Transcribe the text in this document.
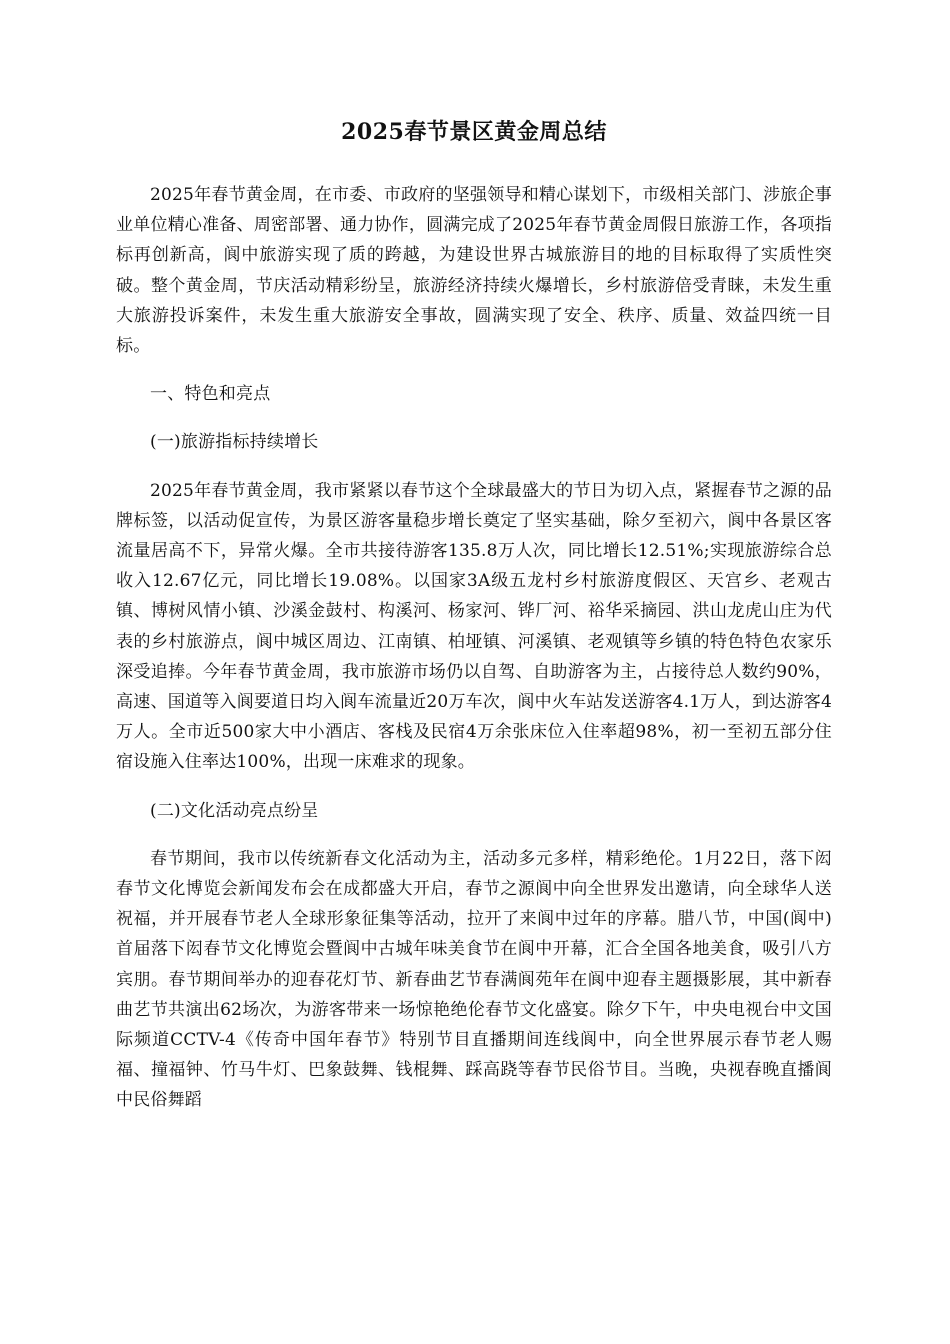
2025春节景区黄金周总结

2025年春节黄金周，在市委、市政府的坚强领导和精心谋划下，市级相关部门、涉旅企事业单位精心准备、周密部署、通力协作，圆满完成了2025年春节黄金周假日旅游工作，各项指标再创新高，阆中旅游实现了质的跨越，为建设世界古城旅游目的地的目标取得了实质性突破。整个黄金周，节庆活动精彩纷呈，旅游经济持续火爆增长，乡村旅游倍受青睐，未发生重大旅游投诉案件，未发生重大旅游安全事故，圆满实现了安全、秩序、质量、效益四统一目标。

一、特色和亮点

(一)旅游指标持续增长

2025年春节黄金周，我市紧紧以春节这个全球最盛大的节日为切入点，紧握春节之源的品牌标签，以活动促宣传，为景区游客量稳步增长奠定了坚实基础，除夕至初六，阆中各景区客流量居高不下，异常火爆。全市共接待游客135.8万人次，同比增长12.51%;实现旅游综合总收入12.67亿元，同比增长19.08%。以国家3A级五龙村乡村旅游度假区、天宫乡、老观古镇、博树风情小镇、沙溪金鼓村、构溪河、杨家河、铧厂河、裕华采摘园、洪山龙虎山庄为代表的乡村旅游点，阆中城区周边、江南镇、柏垭镇、河溪镇、老观镇等乡镇的特色特色农家乐深受追捧。今年春节黄金周，我市旅游市场仍以自驾、自助游客为主，占接待总人数约90%，高速、国道等入阆要道日均入阆车流量近20万车次，阆中火车站发送游客4.1万人，到达游客4万人。全市近500家大中小酒店、客栈及民宿4万余张床位入住率超98%，初一至初五部分住宿设施入住率达100%，出现一床难求的现象。

(二)文化活动亮点纷呈

春节期间，我市以传统新春文化活动为主，活动多元多样，精彩绝伦。1月22日，落下闳春节文化博览会新闻发布会在成都盛大开启，春节之源阆中向全世界发出邀请，向全球华人送祝福，并开展春节老人全球形象征集等活动，拉开了来阆中过年的序幕。腊八节，中国(阆中)首届落下闳春节文化博览会暨阆中古城年味美食节在阆中开幕，汇合全国各地美食，吸引八方宾朋。春节期间举办的迎春花灯节、新春曲艺节春满阆苑年在阆中迎春主题摄影展，其中新春曲艺节共演出62场次，为游客带来一场惊艳绝伦春节文化盛宴。除夕下午，中央电视台中文国际频道CCTV-4《传奇中国年春节》特别节目直播期间连线阆中，向全世界展示春节老人赐福、撞福钟、竹马牛灯、巴象鼓舞、钱棍舞、踩高跷等春节民俗节目。当晚，央视春晚直播阆中民俗舞蹈
